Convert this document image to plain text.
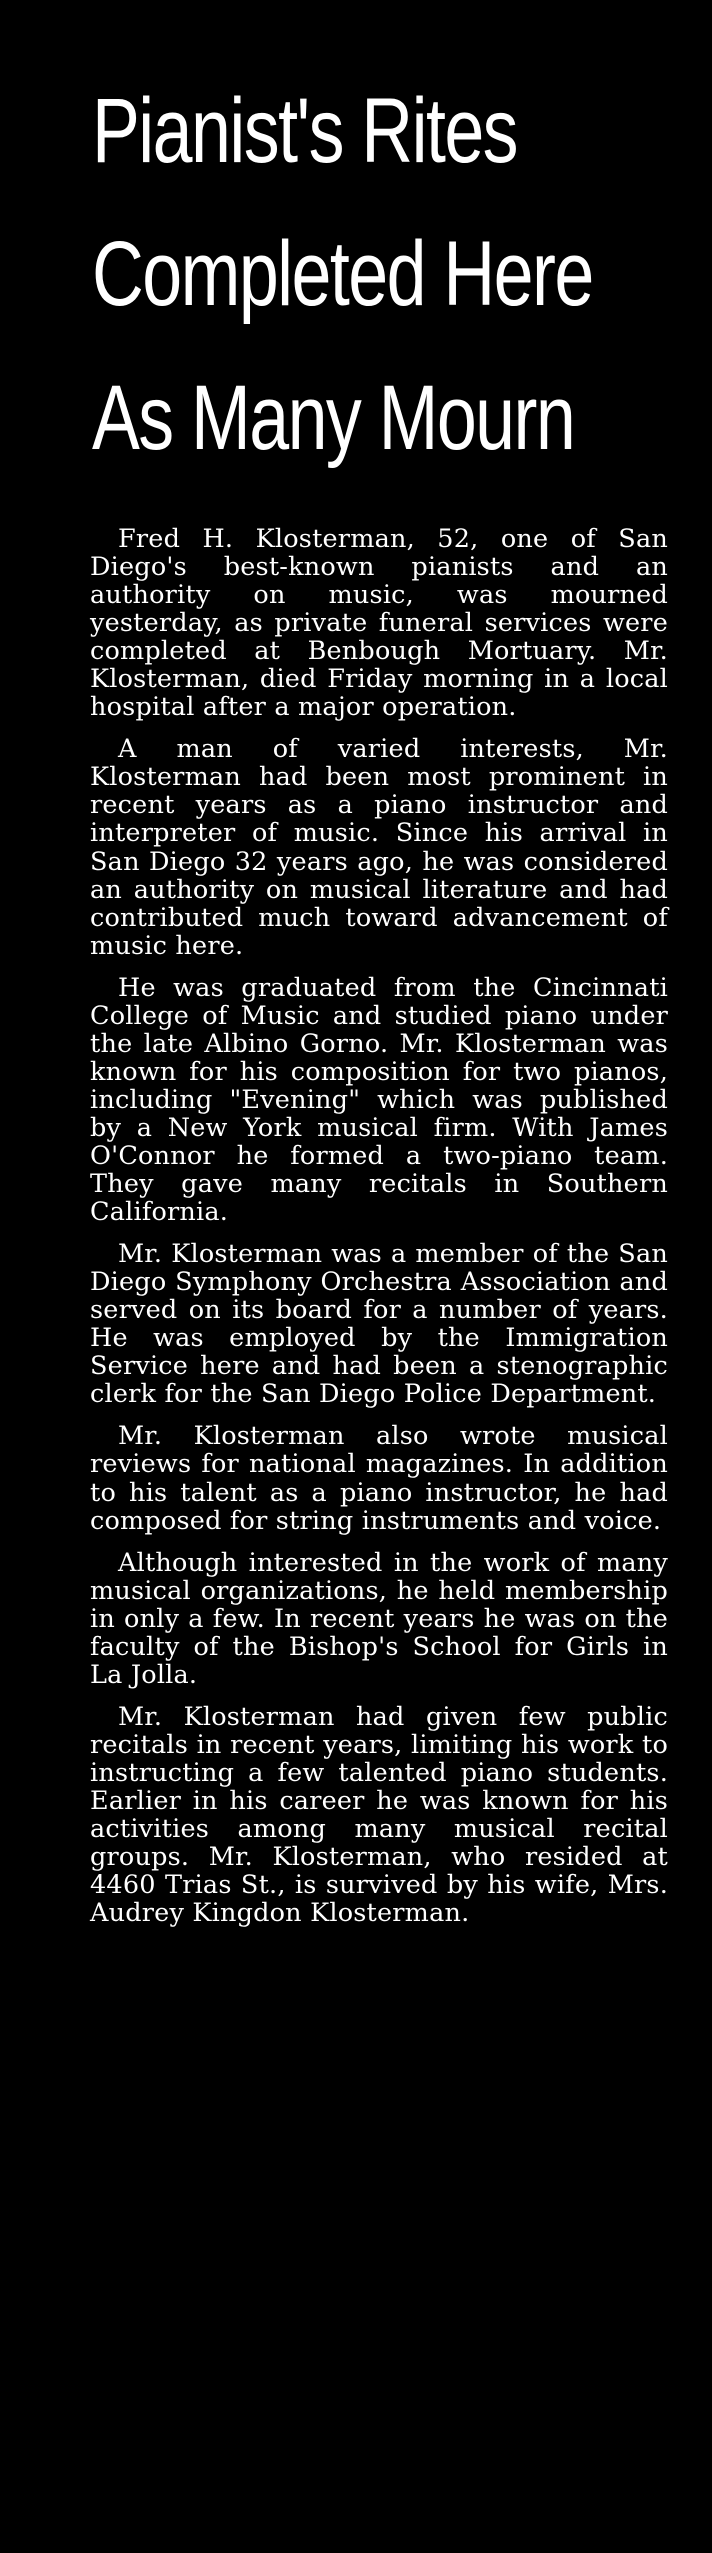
Pianist's Rites
Completed Here
As Many Mourn

Fred H. Klosterman, 52, one of San Diego's best-known pianists and an authority on music, was mourned yesterday, as private funeral services were completed at Benbough Mortuary. Mr. Klosterman, died Friday morning in a local hospital after a major operation.

A man of varied interests, Mr. Klosterman had been most prominent in recent years as a piano instructor and interpreter of music. Since his arrival in San Diego 32 years ago, he was considered an authority on musical literature and had contributed much toward advancement of music here.

He was graduated from the Cincinnati College of Music and studied piano under the late Albino Gorno. Mr. Klosterman was known for his composition for two pianos, including "Evening" which was published by a New York musical firm. With James O'Connor he formed a two-piano team. They gave many recitals in Southern California.

Mr. Klosterman was a member of the San Diego Symphony Orchestra Association and served on its board for a number of years. He was employed by the Immigration Service here and had been a stenographic clerk for the San Diego Police Department.

Mr. Klosterman also wrote musical reviews for national magazines. In addition to his talent as a piano instructor, he had composed for string instruments and voice.

Although interested in the work of many musical organizations, he held membership in only a few. In recent years he was on the faculty of the Bishop's School for Girls in La Jolla.

Mr. Klosterman had given few public recitals in recent years, limiting his work to instructing a few talented piano students. Earlier in his career he was known for his activities among many musical recital groups. Mr. Klosterman, who resided at 4460 Trias St., is survived by his wife, Mrs. Audrey Kingdon Klosterman.
